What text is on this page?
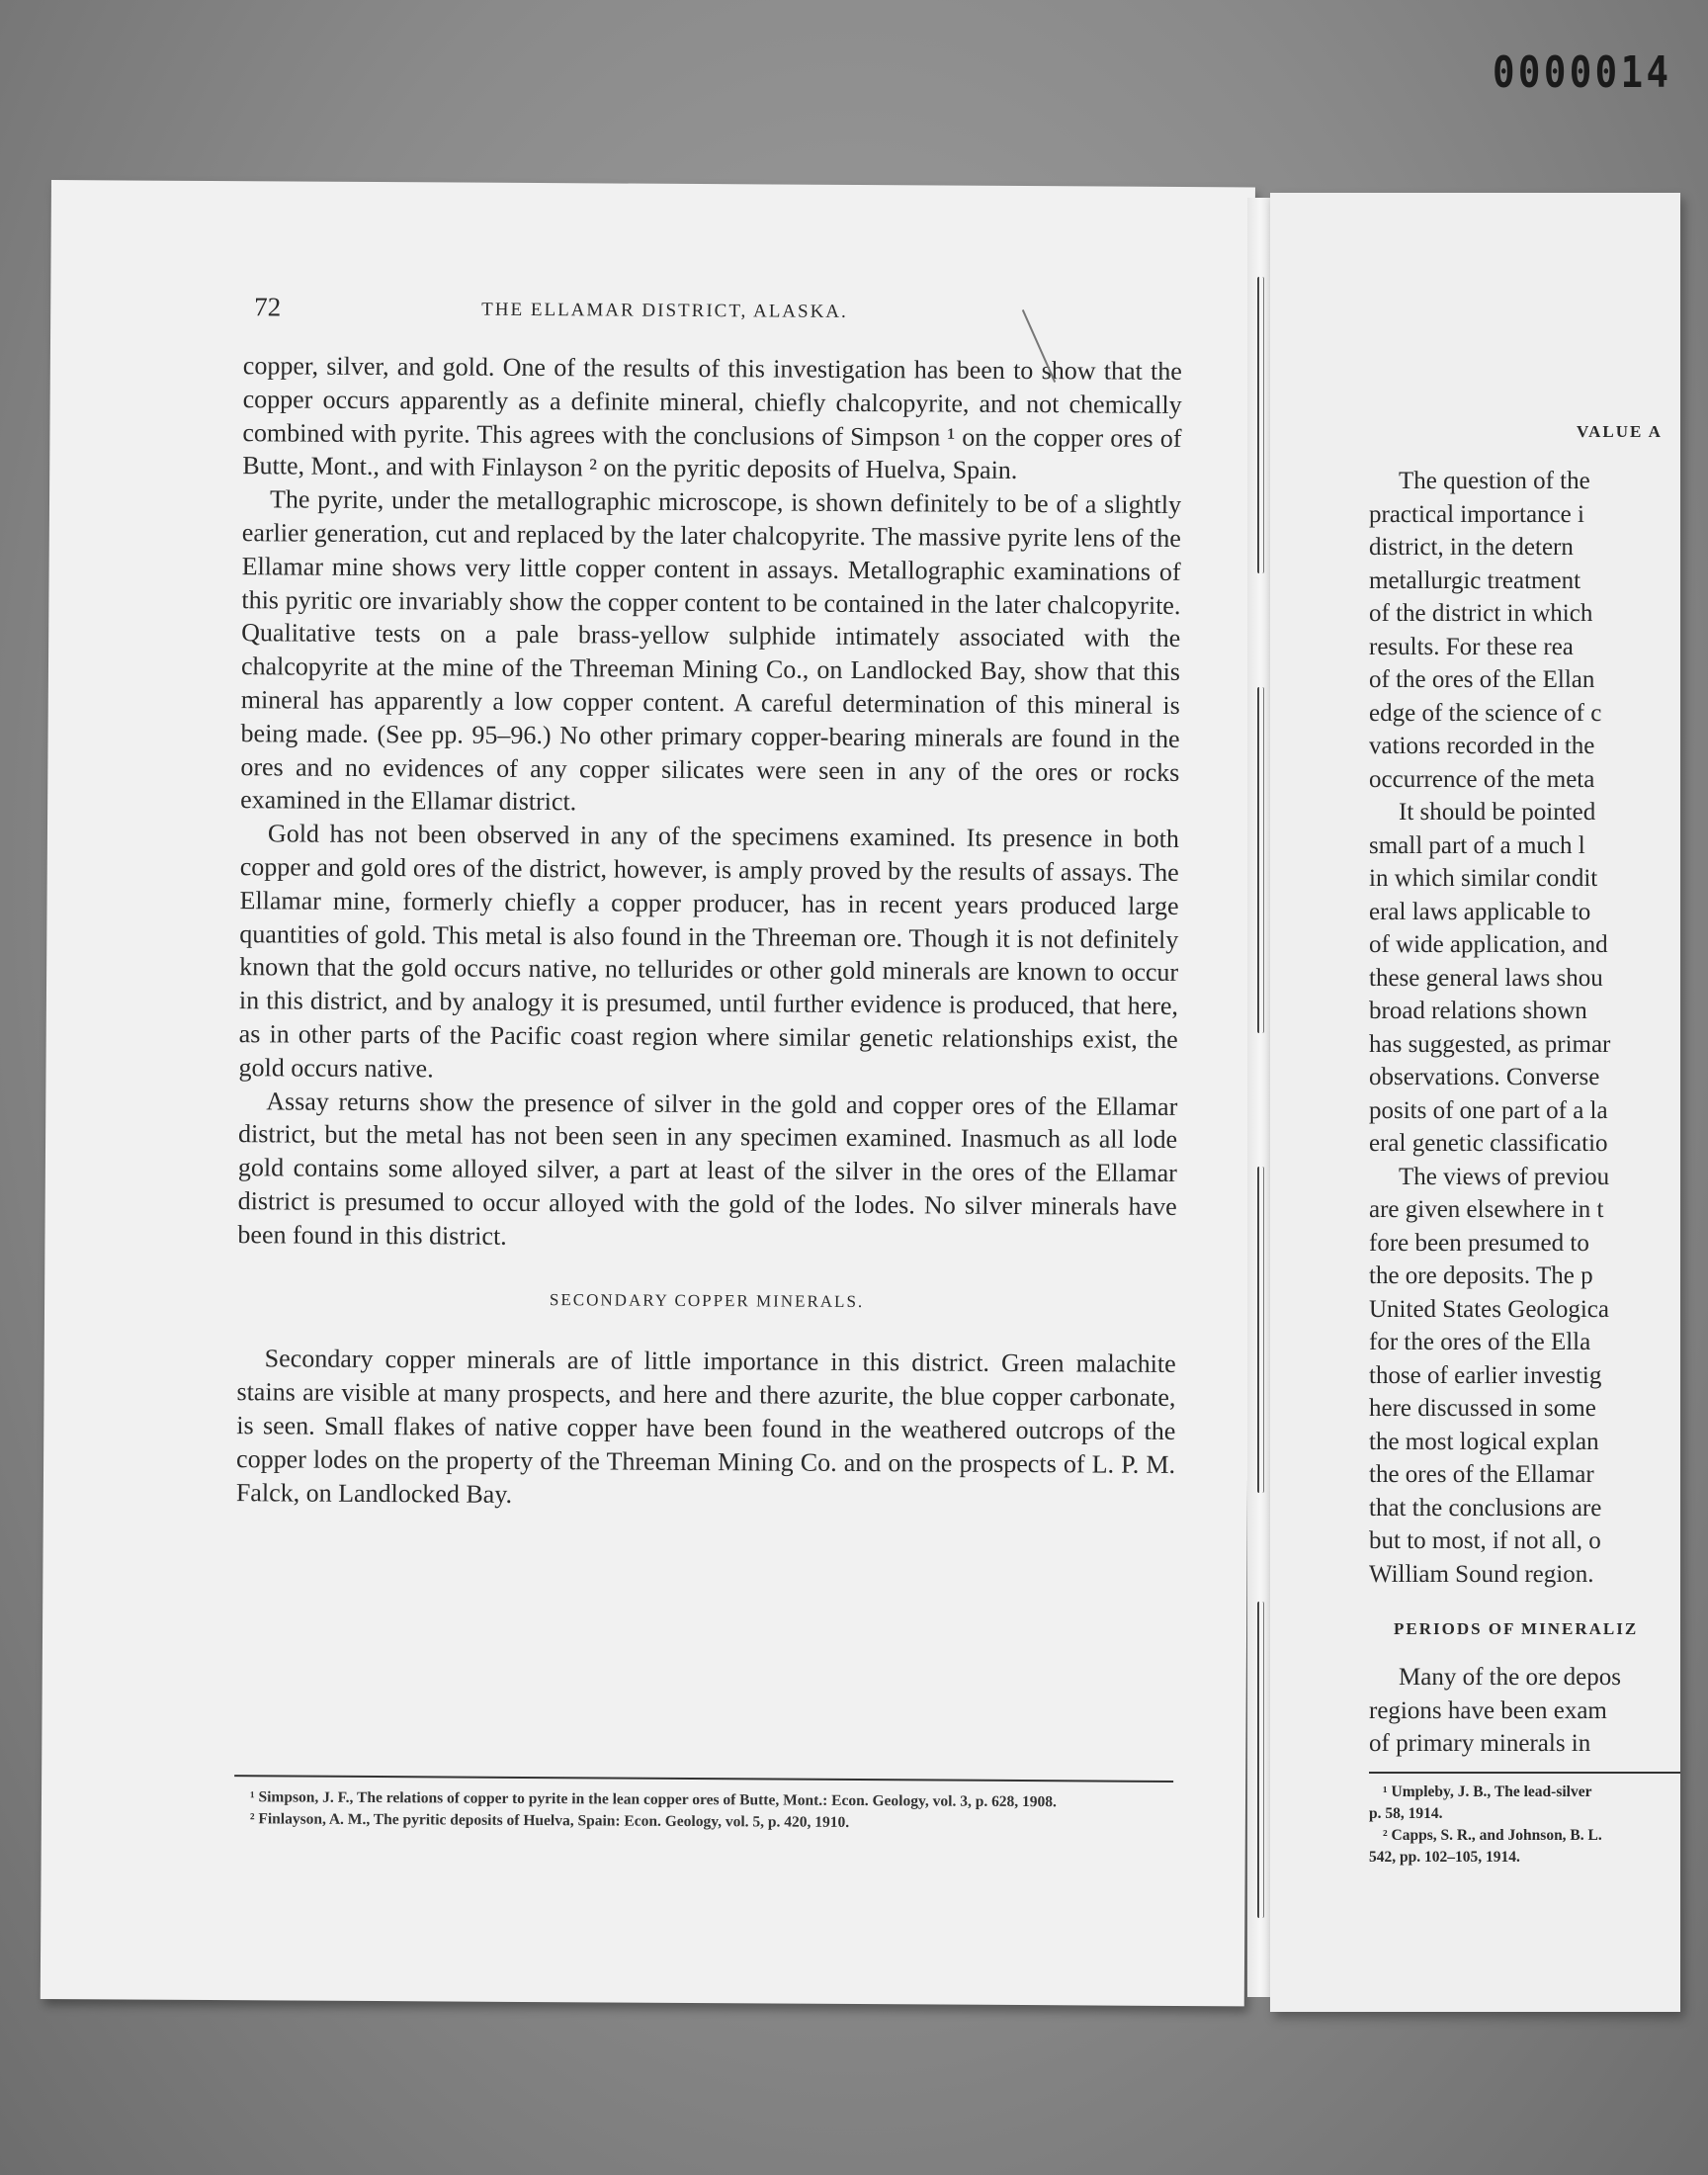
0000014
72	THE ELLAMAR DISTRICT, ALASKA.

copper, silver, and gold. One of the results of this investigation has been to show that the copper occurs apparently as a definite mineral, chiefly chalcopyrite, and not chemically combined with pyrite. This agrees with the conclusions of Simpson ¹ on the copper ores of Butte, Mont., and with Finlayson ² on the pyritic deposits of Huelva, Spain.

The pyrite, under the metallographic microscope, is shown definitely to be of a slightly earlier generation, cut and replaced by the later chalcopyrite. The massive pyrite lens of the Ellamar mine shows very little copper content in assays. Metallographic examinations of this pyritic ore invariably show the copper content to be contained in the later chalcopyrite. Qualitative tests on a pale brass-yellow sulphide intimately associated with the chalcopyrite at the mine of the Threeman Mining Co., on Landlocked Bay, show that this mineral has apparently a low copper content. A careful determination of this mineral is being made. (See pp. 95–96.) No other primary copper-bearing minerals are found in the ores and no evidences of any copper silicates were seen in any of the ores or rocks examined in the Ellamar district.

Gold has not been observed in any of the specimens examined. Its presence in both copper and gold ores of the district, however, is amply proved by the results of assays. The Ellamar mine, formerly chiefly a copper producer, has in recent years produced large quantities of gold. This metal is also found in the Threeman ore. Though it is not definitely known that the gold occurs native, no tellurides or other gold minerals are known to occur in this district, and by analogy it is presumed, until further evidence is produced, that here, as in other parts of the Pacific coast region where similar genetic relationships exist, the gold occurs native.

Assay returns show the presence of silver in the gold and copper ores of the Ellamar district, but the metal has not been seen in any specimen examined. Inasmuch as all lode gold contains some alloyed silver, a part at least of the silver in the ores of the Ellamar district is presumed to occur alloyed with the gold of the lodes. No silver minerals have been found in this district.

SECONDARY COPPER MINERALS.

Secondary copper minerals are of little importance in this district. Green malachite stains are visible at many prospects, and here and there azurite, the blue copper carbonate, is seen. Small flakes of native copper have been found in the weathered outcrops of the copper lodes on the property of the Threeman Mining Co. and on the prospects of L. P. M. Falck, on Landlocked Bay.

¹ Simpson, J. F., The relations of copper to pyrite in the lean copper ores of Butte, Mont.: Econ. Geology, vol. 3, p. 628, 1908.

² Finlayson, A. M., The pyritic deposits of Huelva, Spain: Econ. Geology, vol. 5, p. 420, 1910.

VALUE A
The question of the
practical importance i
district, in the detern
metallurgic treatment
of the district in which
results. For these rea
of the ores of the Ellan
edge of the science of c
vations recorded in the
occurrence of the meta
It should be pointed
small part of a much l
in which similar condit
eral laws applicable to
of wide application, and
these general laws shou
broad relations shown
has suggested, as primar
observations. Converse
posits of one part of a la
eral genetic classificatio
The views of previou
are given elsewhere in t
fore been presumed to
the ore deposits. The p
United States Geologica
for the ores of the Ella
those of earlier investig
here discussed in some
the most logical explan
the ores of the Ellamar
that the conclusions are
but to most, if not all, o
William Sound region.
PERIODS OF MINERALIZ
Many of the ore depos
regions have been exam
of primary minerals in
¹ Umpleby, J. B., The lead-silver
p. 58, 1914.
² Capps, S. R., and Johnson, B. L.
542, pp. 102–105, 1914.
